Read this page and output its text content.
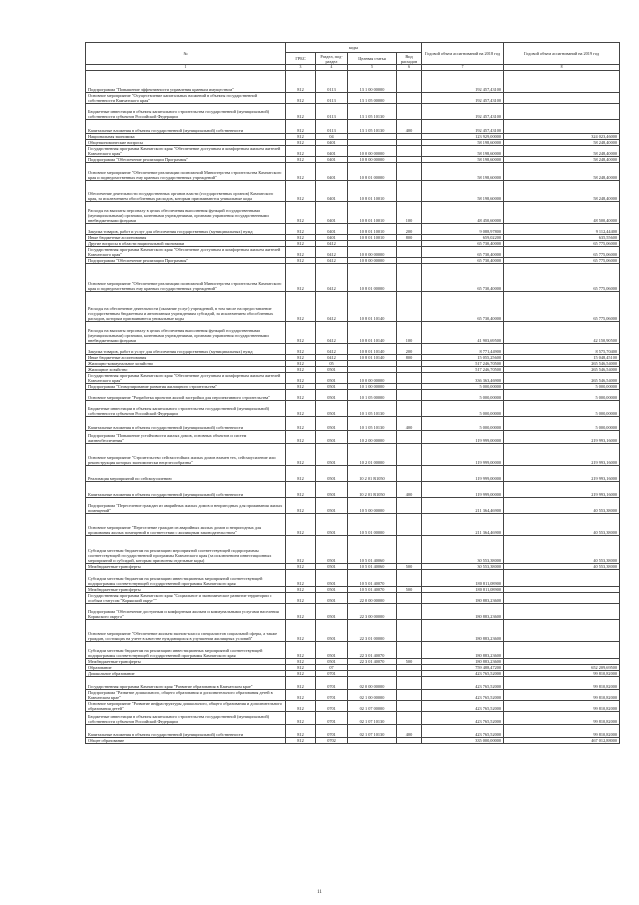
№	коды				Годовой объем ассигнований на 2018 год	Годовой объем ассигнований на 2019 год
	ГРБС	Раздел, под-раздел	Целевая статья	Вид расходов		
1	3	4	5	6	7	8
Подпрограмма "Повышение эффективности управления краевым имуществом"	812	0113	13 1 00 00000		192 457,43100	
Основное мероприятие "Осуществление капитальных вложений в объекты государственной собственности Камчатского края"	812	0113	13 1 05 00000		192 457,43100	
Бюджетные инвестиции в объекты капитального строительства государственной (муниципальной) собственности субъектов Российской Федерации	812	0113	13 1 05 10130		192 457,43100	
Капитальные вложения в объекты государственной (муниципальной) собственности	812	0113	13 1 05 10130	400	192 457,43100	
Национальная экономика	812	04			123 929,00000	324 023,46000
Общеэкономические вопросы	812	0401			58 198,60000	58 248,40000
Государственная программа Камчатского края "Обеспечение доступным и комфортным жильем жителей Камчатского края"	812	0401	10 0 00 00000		58 198,60000	58 248,40000
Подпрограмма "Обеспечение реализации Программы"	812	0401	10 8 00 00000		58 198,60000	58 248,40000
Основное мероприятие "Обеспечение реализации полномочий Министерства строительства Камчатского края и подведомственных ему краевых государственных учреждений"	812	0401	10 8 01 00000		58 198,60000	58 248,40000
Обеспечение деятельности государственных органов власти (государственных органов) Камчатского края, за исключением обособленных расходов, которым присваиваются уникальные коды	812	0401	10 8 01 10010		58 198,60000	58 248,40000
Расходы на выплаты персоналу в целях обеспечения выполнения функций государственными (муниципальными) органами, казенными учреждениями, органами управления государственными внебюджетными фондами	812	0401	10 8 01 10010	100	48 450,60000	48 500,40000
Закупка товаров, работ и услуг для обеспечения государственных (муниципальных) нужд	812	0401	10 8 01 10010	200	9 088,97800	9 112,44400
Иные бюджетные ассигнования	812	0401	10 8 01 10010	800	659,02200	635,55600
Другие вопросы в области национальной экономики	812	0412			65 730,40000	65 775,06000
Государственная программа Камчатского края "Обеспечение доступным и комфортным жильем жителей Камчатского края"	812	0412	10 0 00 00000		65 730,40000	65 775,06000
Подпрограмма "Обеспечение реализации Программы"	812	0412	10 8 00 00000		65 730,40000	65 775,06000
Основное мероприятие "Обеспечение реализации полномочий Министерства строительства Камчатского края и подведомственных ему краевых государственных учреждений"	812	0412	10 8 01 00000		65 730,40000	65 775,06000
Расходы на обеспечение деятельности (оказание услуг) учреждений, в том числе на предоставление государственным бюджетным и автономным учреждениям субсидий, за исключением обособленных расходов, которым присваиваются уникальные коды	812	0412	10 8 01 10140		65 730,40000	65 775,06000
Расходы на выплаты персоналу в целях обеспечения выполнения функций государственными (муниципальными) органами, казенными учреждениями, органами управления государственными внебюджетными фондами	812	0412	10 8 01 10140	100	41 903,69500	42 150,90500
Закупка товаров, работ и услуг для обеспечения государственных (муниципальных) нужд	812	0412	10 8 01 10140	200	8 771,44900	8 575,70400
Иные бюджетные ассигнования	812	0412	10 8 01 10140	800	15 055,25600	15 048,45100
Жилищно-коммунальное хозяйство	812	05			517 246,70500	265 546,54000
Жилищное хозяйство	812	0501			517 246,70500	265 546,54000
Государственная программа Камчатского края "Обеспечение доступным и комфортным жильем жителей Камчатского края"	812	0501	10 0 00 00000		336 363,46900	265 546,54000
Подпрограмма "Стимулирование развития жилищного строительства"	812	0501	10 1 00 00000		5 000,00000	5 000,00000
Основное мероприятие "Разработка проектов жилой застройки для перспективного строительства"	812	0501	10 1 05 00000		5 000,00000	5 000,00000
Бюджетные инвестиции в объекты капитального строительства государственной (муниципальной) собственности субъектов Российской Федерации	812	0501	10 1 05 10130		5 000,00000	5 000,00000
Капитальные вложения в объекты государственной (муниципальной) собственности	812	0501	10 1 05 10130	400	5 000,00000	5 000,00000
Подпрограмма "Повышение устойчивости жилых домов, основных объектов и систем жизнеобеспечения"	812	0501	10 2 00 00000		119 999,00000	219 993,16000
Основное мероприятие "Строительство сейсмостойких жилых домов взамен тех, сейсмоусиление или реконструкция которых экономически нецелесообразны"	812	0501	10 2 01 00000		119 999,00000	219 993,16000
Реализация мероприятий по сейсмоусилению	812	0501	10 2 01 R1050		119 999,00000	219 993,16000
Капитальные вложения в объекты государственной (муниципальной) собственности	812	0501	10 2 01 R1050	400	119 999,00000	219 993,16000
Подпрограмма "Переселение граждан из аварийных жилых домов и непригодных для проживания жилых помещений"	812	0501	10 5 00 00000		211 364,46900	40 553,38000
Основное мероприятие "Переселение граждан из аварийных жилых домов и непригодных для проживания жилых помещений в соответствии с жилищным законодательством"	812	0501	10 5 01 00000		211 364,46900	40 553,38000
Субсидии местным бюджетам на реализацию мероприятий соответствующей подпрограммы соответствующей государственной программы Камчатского края (за исключением инвестиционных мероприятий и субсидий, которым присвоены отдельные коды)	812	0501	10 5 01 40060		30 553,38000	40 553,38000
Межбюджетные трансферты	812	0501	10 5 01 40060	500	30 553,38000	40 553,38000
Субсидии местным бюджетам на реализацию инвестиционных мероприятий соответствующей подпрограммы соответствующей государственной программы Камчатского края	812	0501	10 5 01 40070		180 811,08900	
Межбюджетные трансферты	812	0501	10 5 01 40070	500	180 811,08900	
Государственная программа Камчатского края "Социальное и экономическое развитие территории с особым статусом "Корякский округ""	812	0501	22 0 00 00000		180 883,23600	
Подпрограмма "Обеспечение доступным и комфортным жильем и коммунальными услугами населения Корякского округа"	812	0501	22 3 00 00000		180 883,23600	
Основное мероприятие "Обеспечение жильем эконом-класса специалистов социальной сферы, а также граждан, состоящих на учете в качестве нуждающихся в улучшении жилищных условий"	812	0501	22 3 01 00000		180 883,23600	
Субсидии местным бюджетам на реализацию инвестиционных мероприятий соответствующей подпрограммы соответствующей государственной программы Камчатского края	812	0501	22 3 01 40070		180 883,23600	
Межбюджетные трансферты	812	0501	22 3 01 40070	500	180 883,23600	
Образование	812	07			759 488,47200	652 209,69500
Дошкольное образование	812	0701			423 765,52000	99 810,82000
Государственная программа Камчатского края "Развитие образования в Камчатском крае"	812	0701	02 0 00 00000		423 765,52000	99 810,82000
Подпрограмма "Развитие дошкольного, общего образования и дополнительного образования детей в Камчатском крае"	812	0701	02 1 00 00000		423 765,52000	99 810,82000
Основное мероприятие "Развитие инфраструктуры дошкольного, общего образования и дополнительного образования детей"	812	0701	02 1 07 00000		423 765,52000	99 810,82000
Бюджетные инвестиции в объекты капитального строительства государственной (муниципальной) собственности субъектов Российской Федерации	812	0701	02 1 07 10130		423 765,52000	99 810,82000
Капитальные вложения в объекты государственной (муниципальной) собственности	812	0701	02 1 07 10130	400	423 765,52000	99 810,82000
Общее образование	812	0702			335 000,00000	467 012,88000
11
